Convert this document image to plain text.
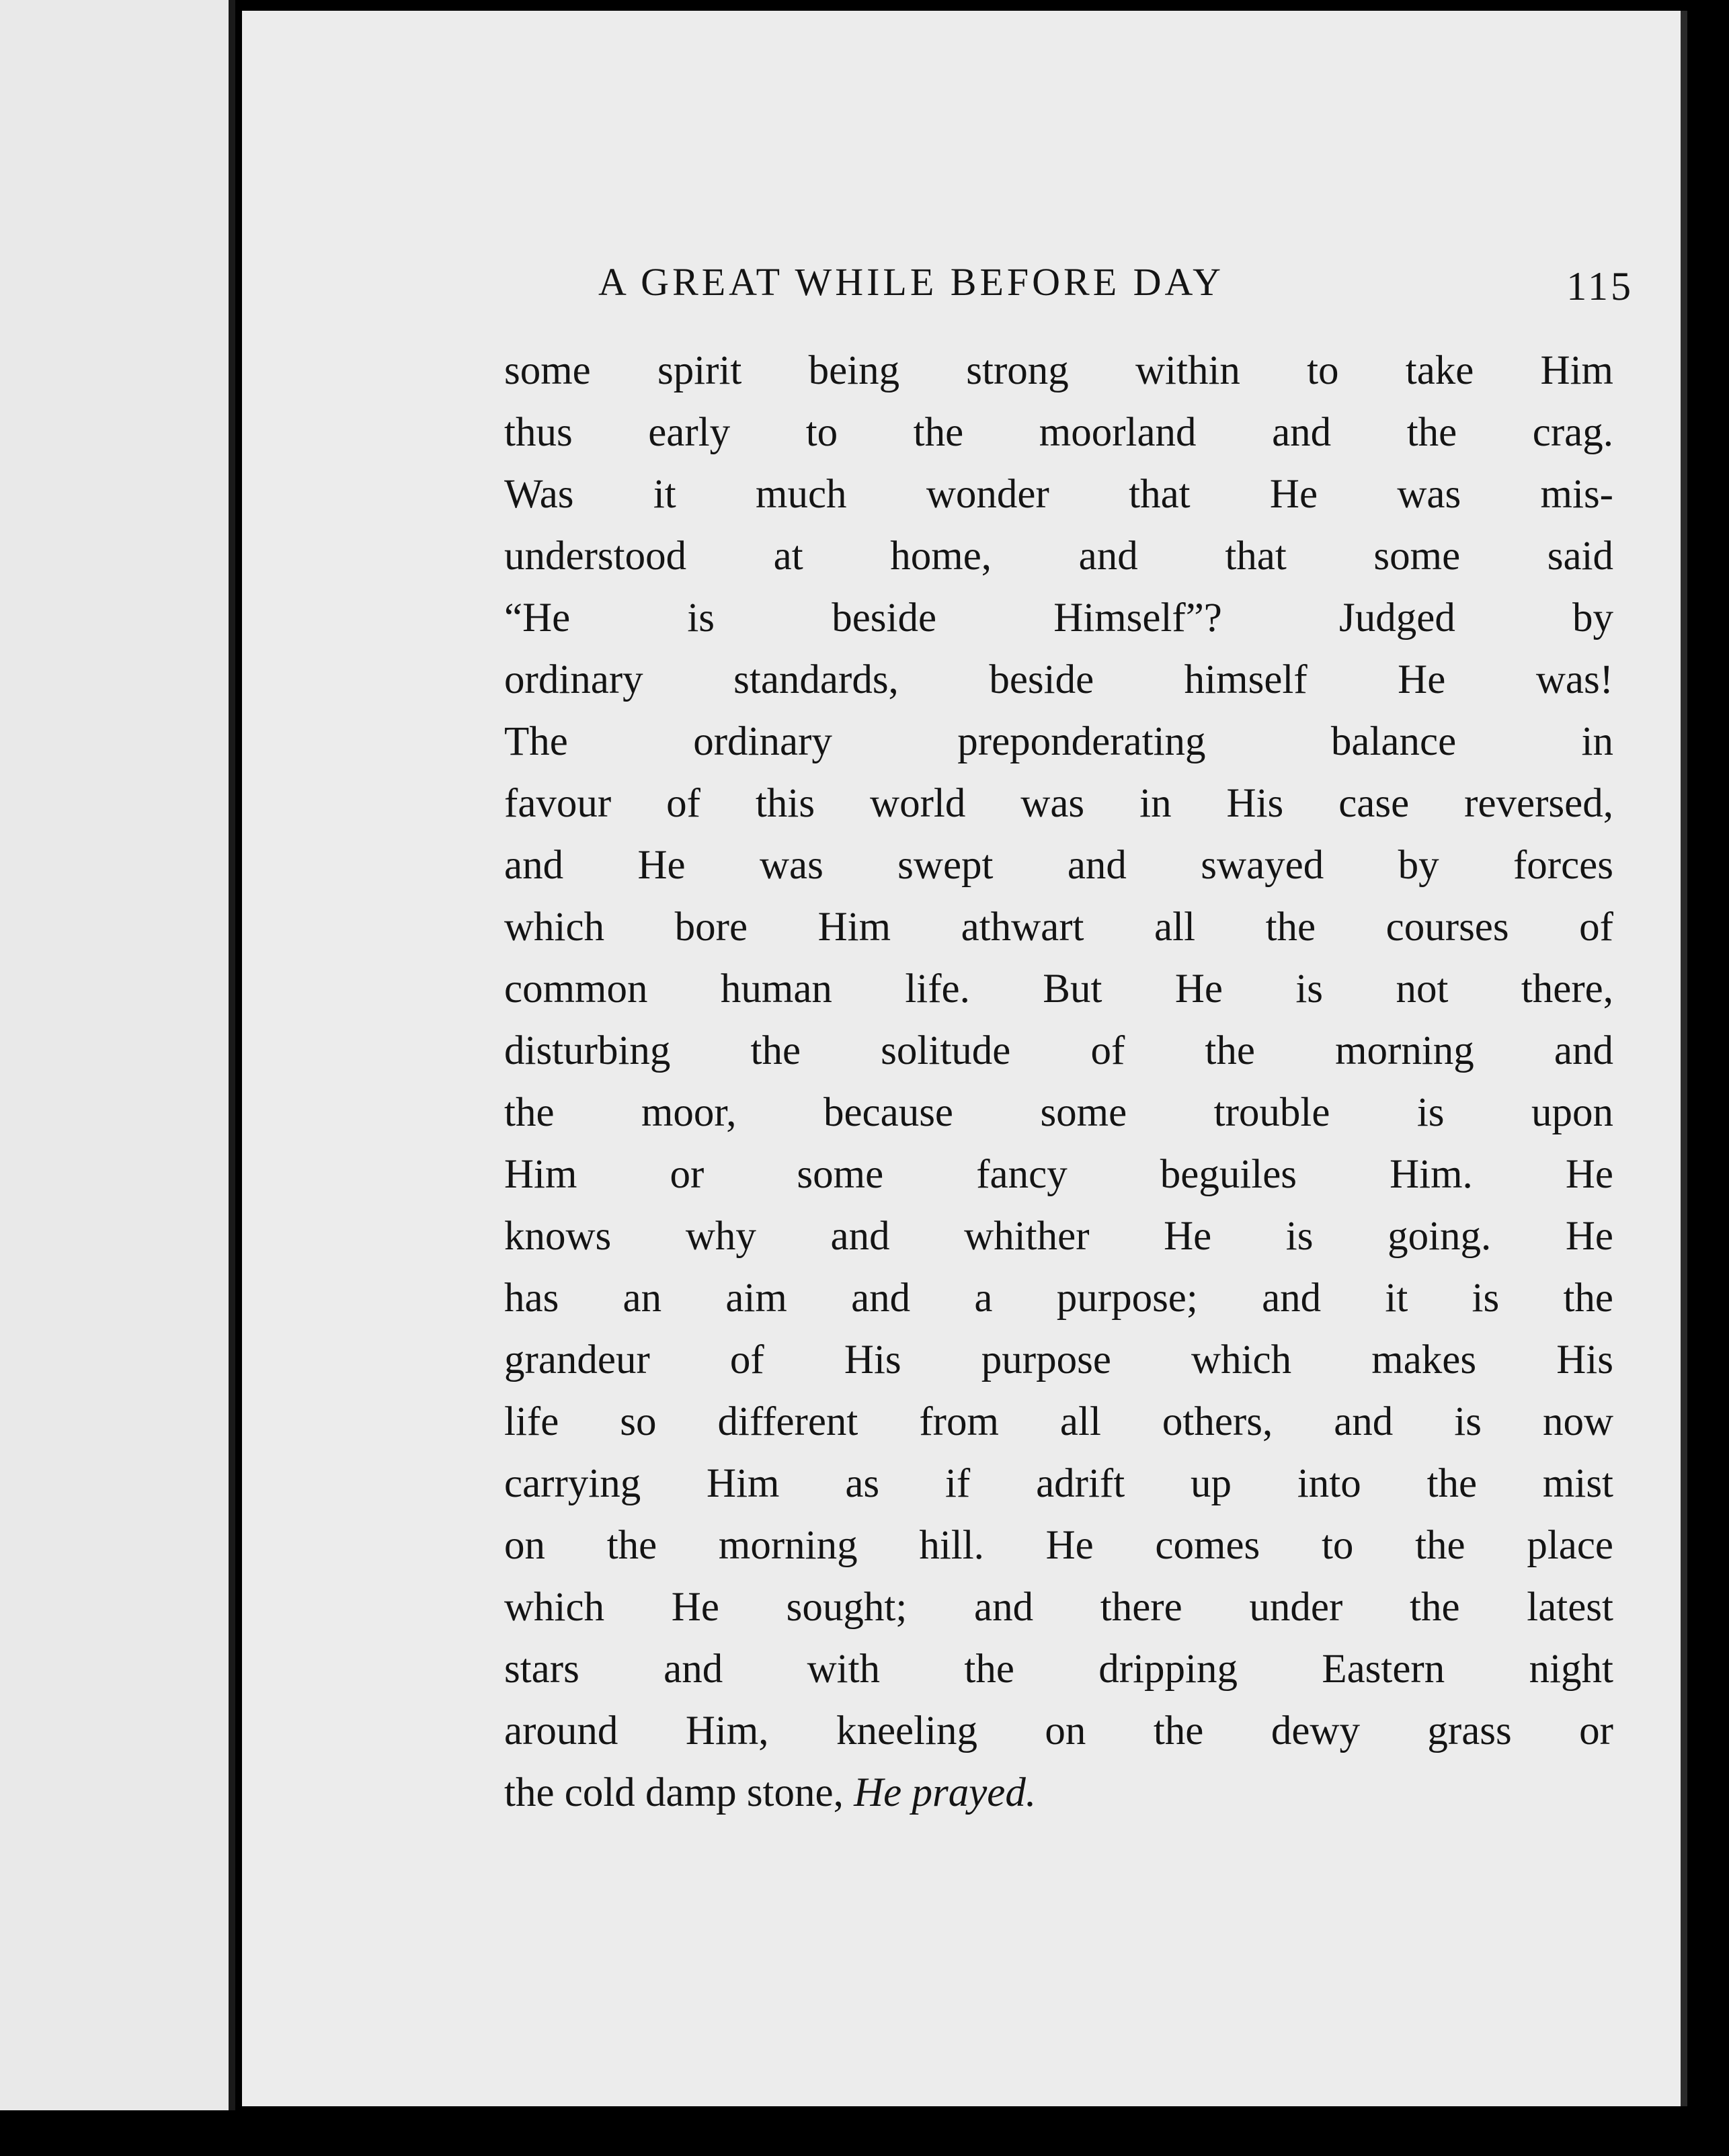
A GREAT WHILE BEFORE DAY	115
some spirit being strong within to take Him
thus early to the moorland and the crag.
Was it much wonder that He was mis-
understood at home, and that some said
“He is beside Himself”? Judged by
ordinary standards, beside himself He was!
The ordinary preponderating balance in
favour of this world was in His case reversed,
and He was swept and swayed by forces
which bore Him athwart all the courses of
common human life. But He is not there,
disturbing the solitude of the morning and
the moor, because some trouble is upon
Him or some fancy beguiles Him. He
knows why and whither He is going. He
has an aim and a purpose; and it is the
grandeur of His purpose which makes His
life so different from all others, and is now
carrying Him as if adrift up into the mist
on the morning hill. He comes to the place
which He sought; and there under the latest
stars and with the dripping Eastern night
around Him, kneeling on the dewy grass or
the cold damp stone, He prayed.
